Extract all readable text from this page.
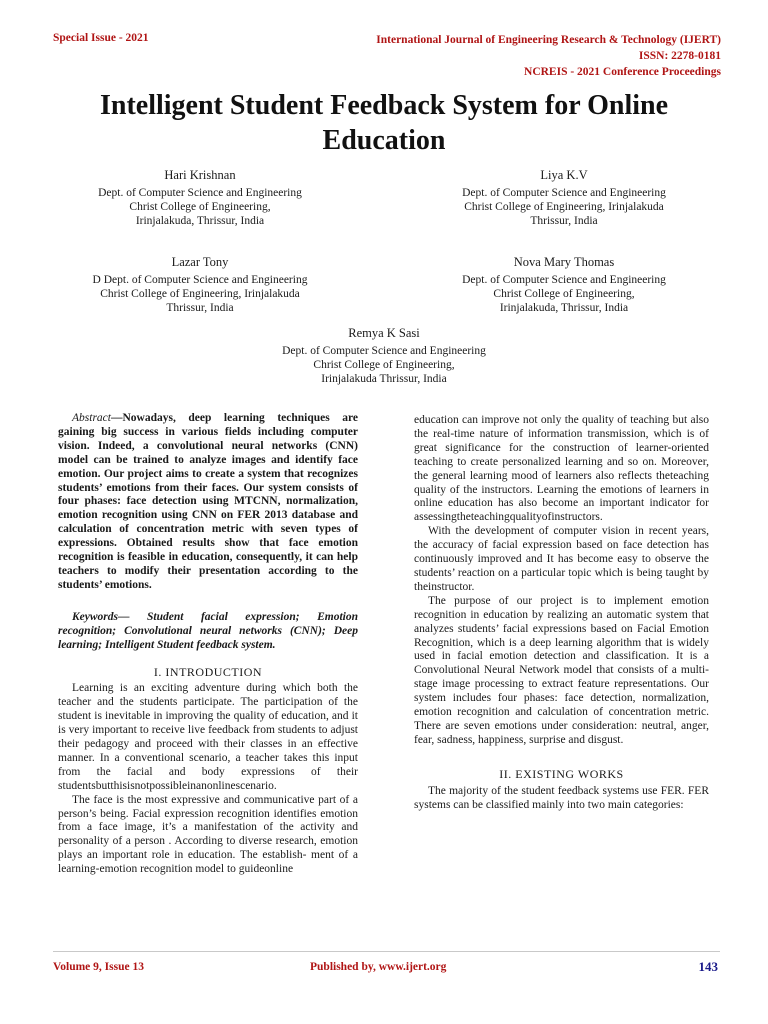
Special Issue - 2021	International Journal of Engineering Research & Technology (IJERT)
ISSN: 2278-0181
NCREIS - 2021 Conference Proceedings
Intelligent Student Feedback System for Online
Education
Hari Krishnan
Dept. of Computer Science and Engineering
Christ College of Engineering,
Irinjalakuda, Thrissur, India
Liya K.V
Dept. of Computer Science and Engineering
Christ College of Engineering, Irinjalakuda
Thrissur, India
Lazar Tony
D Dept. of Computer Science and Engineering
Christ College of Engineering, Irinjalakuda
Thrissur, India
Nova Mary Thomas
Dept. of Computer Science and Engineering
Christ College of Engineering,
Irinjalakuda, Thrissur, India
Remya K Sasi
Dept. of Computer Science and Engineering
Christ College of Engineering,
Irinjalakuda Thrissur, India

Abstract—Nowadays, deep learning techniques are gaining big success in various fields including computer vision. Indeed, a convolutional neural networks (CNN) model can be trained to analyze images and identify face emotion. Our project aims to create a system that recognizes students’ emotions from their faces. Our system consists of four phases: face detection using MTCNN, normalization, emotion recognition using CNN on FER 2013 database and calculation of concentration metric with seven types of expressions. Obtained results show that face emotion recognition is feasible in education, consequently, it can help teachers to modify their presentation according to the students’ emotions.

Keywords— Student facial expression; Emotion recognition; Convolutional neural networks (CNN); Deep learning; Intelligent Student feedback system.

I. INTRODUCTION

Learning is an exciting adventure during which both the teacher and the students participate. The participation of the student is inevitable in improving the quality of education, and it is very important to receive live feedback from students to adjust their pedagogy and proceed with their classes in an effective manner. In a conventional scenario, a teacher takes this input from the facial and body expressions of their studentsbutthisisnotpossibleinanonlinescenario.

The face is the most expressive and communicative part of a person’s being. Facial expression recognition identifies emotion from a face image, it’s a manifestation of the activity and personality of a person . According to diverse research, emotion plays an important role in education. The establish- ment of a learning-emotion recognition model to guideonline

education can improve not only the quality of teaching but also the real-time nature of information transmission, which is of great significance for the construction of learner-oriented teaching to create personalized learning and so on. Moreover, the general learning mood of learners also reflects theteaching quality of the instructors. Learning the emotions of learners in online education has also become an important indicator for assessingtheteachingqualityofinstructors.

With the development of computer vision in recent years, the accuracy of facial expression based on face detection has continuously improved and It has become easy to observe the students’ reaction on a particular topic which is being taught by theinstructor.

The purpose of our project is to implement emotion recognition in education by realizing an automatic system that analyzes students’ facial expressions based on Facial Emotion Recognition, which is a deep learning algorithm that is widely used in facial emotion detection and classification. It is a Convolutional Neural Network model that consists of a multi- stage image processing to extract feature representations. Our system includes four phases: face detection, normalization, emotion recognition and calculation of concentration metric. There are seven emotions under consideration: neutral, anger, fear, sadness, happiness, surprise and disgust.

II. EXISTING WORKS

The majority of the student feedback systems use FER. FER systems can be classified mainly into two main categories:

Volume 9, Issue 13	Published by, www.ijert.org	143
